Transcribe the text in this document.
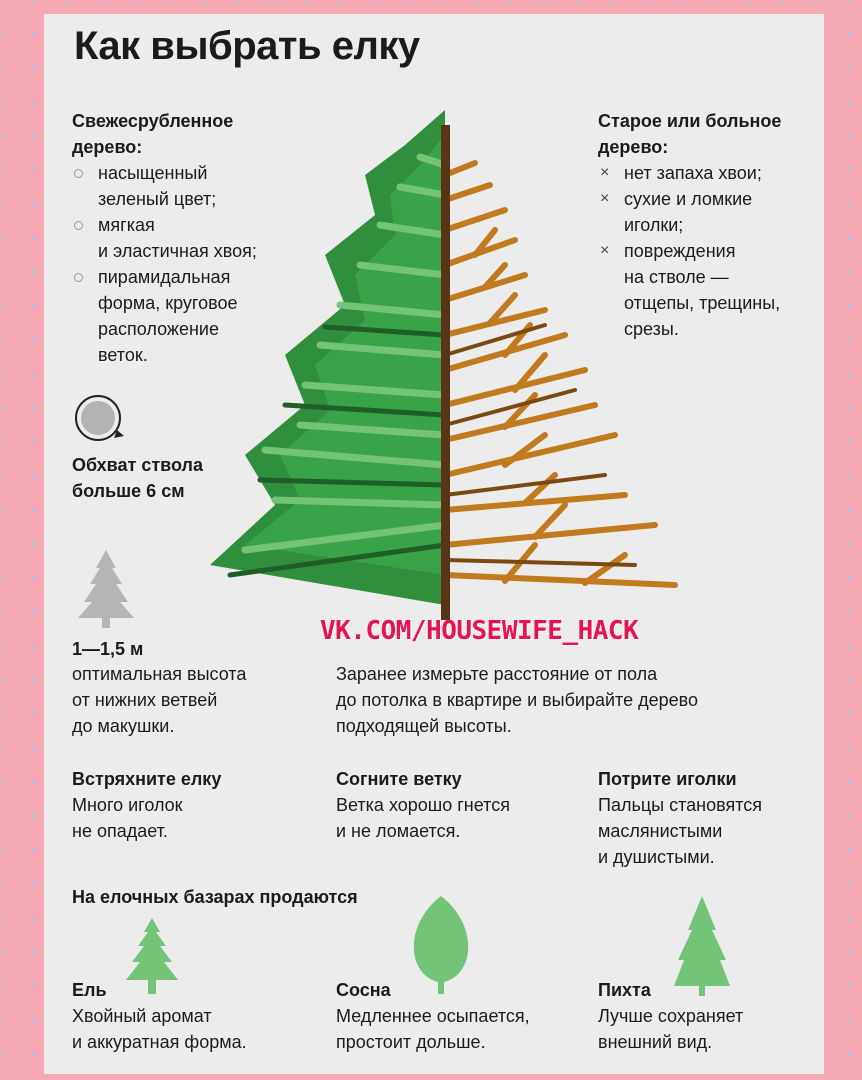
Как выбрать елку
Свежесрубленное
дерево:
насыщенный
зеленый цвет;
мягкая
и эластичная хвоя;
пирамидальная
форма, круговое
расположение
веток.
Старое или больное
дерево:
× нет запаха хвои;
× сухие и ломкие
иголки;
× повреждения
на стволе —
отщепы, трещины,
срезы.
Обхват ствола
больше 6 см
1—1,5 м
оптимальная высота
от нижних ветвей
до макушки.
VK.COM/HOUSEWIFE_HACK
Заранее измерьте расстояние от пола
до потолка в квартире и выбирайте дерево
подходящей высоты.
Встряхните елку
Много иголок
не опадает.
Согните ветку
Ветка хорошо гнется
и не ломается.
Потрите иголки
Пальцы становятся
маслянистыми
и душистыми.
На елочных базарах продаются
Ель
Хвойный аромат
и аккуратная форма.
Сосна
Медленнее осыпается,
простоит дольше.
Пихта
Лучше сохраняет
внешний вид.
